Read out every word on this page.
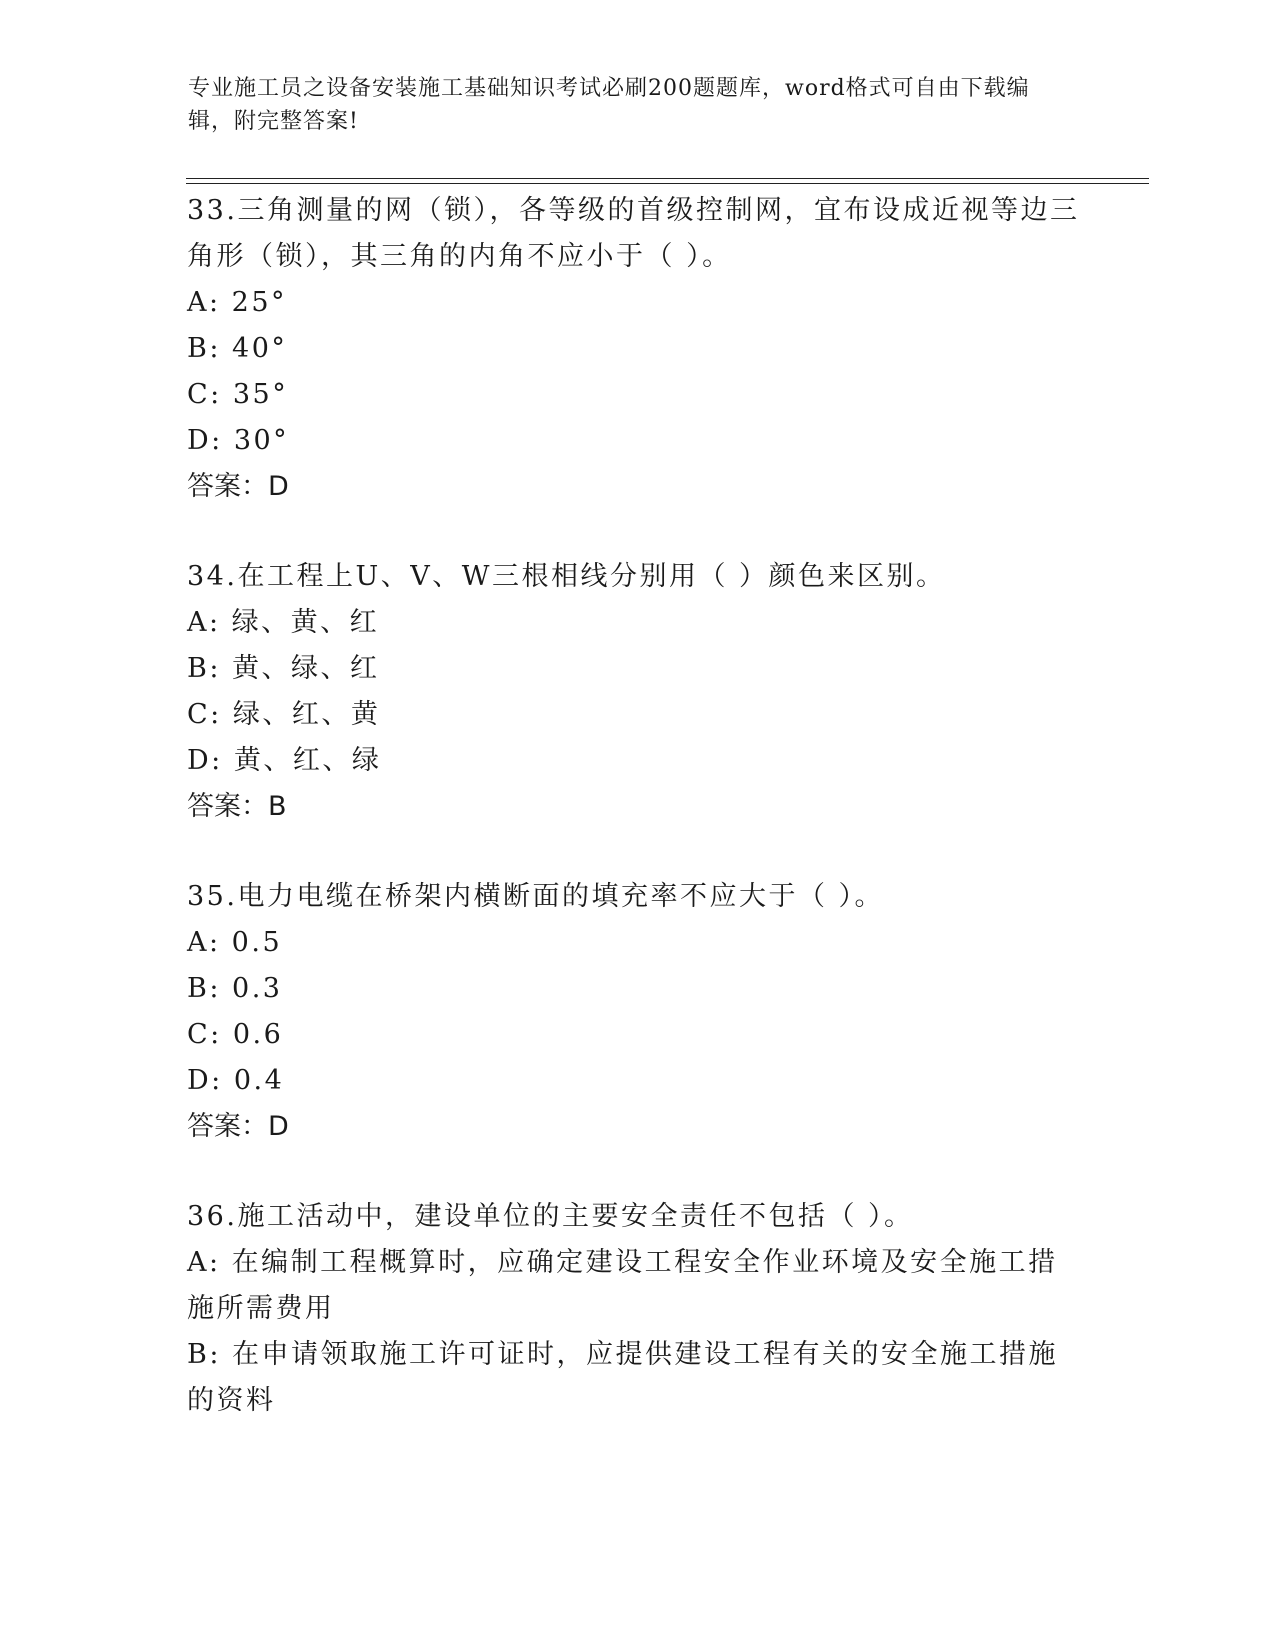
专业施工员之设备安装施工基础知识考试必刷200题题库，word格式可自由下载编辑，附完整答案!

33.三角测量的网（锁），各等级的首级控制网，宜布设成近视等边三角形（锁），其三角的内角不应小于（ ）。

A: 25°

B: 40°

C: 35°

D: 30°

答案：D

34.在工程上U、V、W三根相线分别用（ ）颜色来区别。

A: 绿、黄、红

B: 黄、绿、红

C: 绿、红、黄

D: 黄、红、绿

答案：B

35.电力电缆在桥架内横断面的填充率不应大于（ ）。

A: 0.5

B: 0.3

C: 0.6

D: 0.4

答案：D

36.施工活动中，建设单位的主要安全责任不包括（ ）。

A: 在编制工程概算时，应确定建设工程安全作业环境及安全施工措施所需费用

B: 在申请领取施工许可证时，应提供建设工程有关的安全施工措施的资料
